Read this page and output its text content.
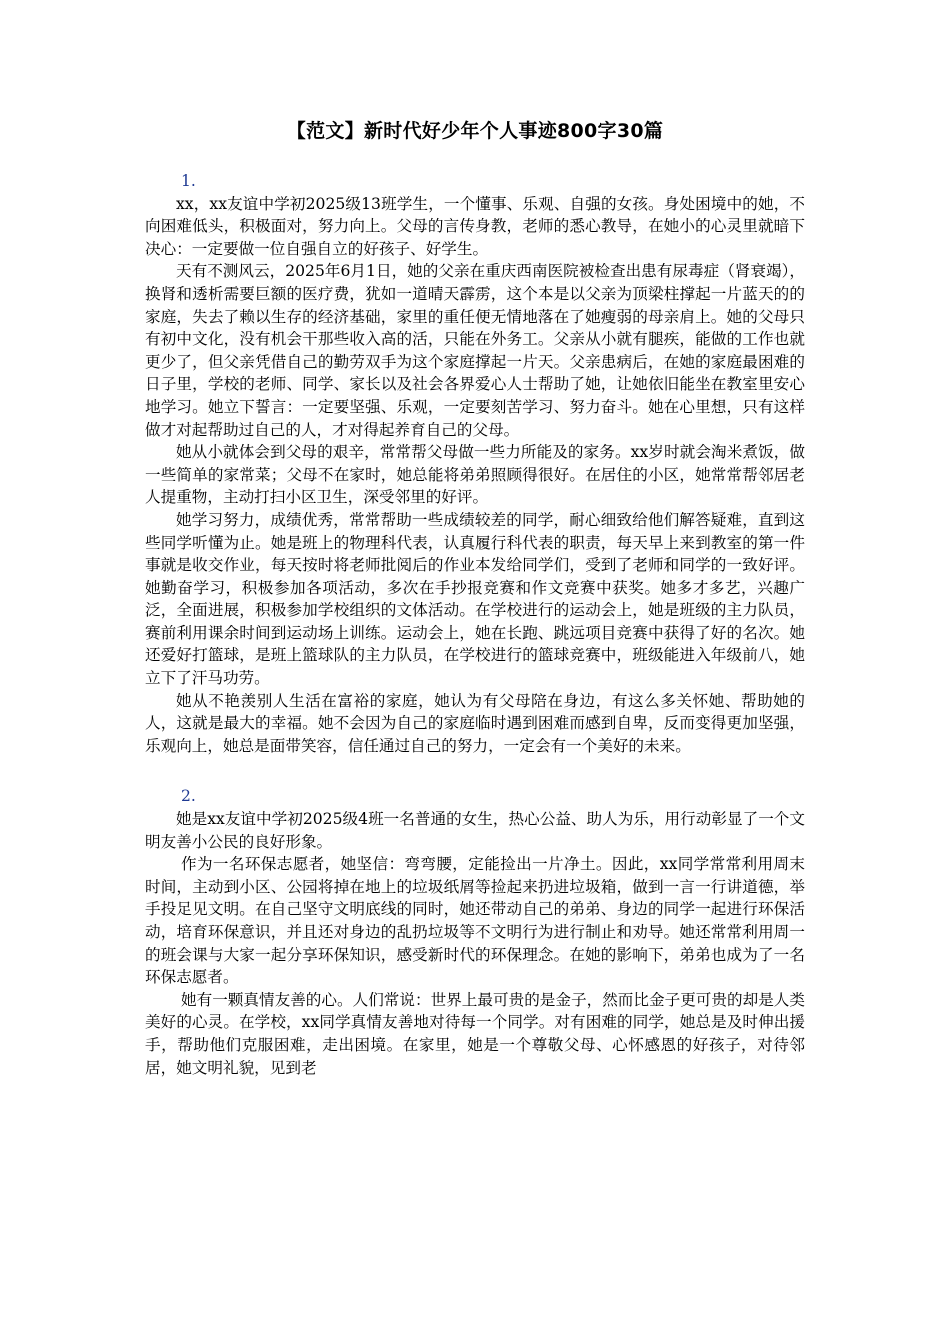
【范文】新时代好少年个人事迹800字30篇

1.

xx，xx友谊中学初2025级13班学生，一个懂事、乐观、自强的女孩。身处困境中的她，不向困难低头，积极面对，努力向上。父母的言传身教，老师的悉心教导，在她小的心灵里就暗下决心：一定要做一位自强自立的好孩子、好学生。

天有不测风云，2025年6月1日，她的父亲在重庆西南医院被检查出患有尿毒症（肾衰竭），换肾和透析需要巨额的医疗费，犹如一道晴天霹雳，这个本是以父亲为顶梁柱撑起一片蓝天的的家庭，失去了赖以生存的经济基础，家里的重任便无情地落在了她瘦弱的母亲肩上。她的父母只有初中文化，没有机会干那些收入高的活，只能在外务工。父亲从小就有腿疾，能做的工作也就更少了，但父亲凭借自己的勤劳双手为这个家庭撑起一片天。父亲患病后，在她的家庭最困难的日子里，学校的老师、同学、家长以及社会各界爱心人士帮助了她，让她依旧能坐在教室里安心地学习。她立下誓言：一定要坚强、乐观，一定要刻苦学习、努力奋斗。她在心里想，只有这样做才对起帮助过自己的人，才对得起养育自己的父母。

她从小就体会到父母的艰辛，常常帮父母做一些力所能及的家务。xx岁时就会淘米煮饭，做一些简单的家常菜；父母不在家时，她总能将弟弟照顾得很好。在居住的小区，她常常帮邻居老人提重物，主动打扫小区卫生，深受邻里的好评。

她学习努力，成绩优秀，常常帮助一些成绩较差的同学，耐心细致给他们解答疑难，直到这些同学听懂为止。她是班上的物理科代表，认真履行科代表的职责，每天早上来到教室的第一件事就是收交作业，每天按时将老师批阅后的作业本发给同学们，受到了老师和同学的一致好评。她勤奋学习，积极参加各项活动，多次在手抄报竞赛和作文竞赛中获奖。她多才多艺，兴趣广泛，全面进展，积极参加学校组织的文体活动。在学校进行的运动会上，她是班级的主力队员，赛前利用课余时间到运动场上训练。运动会上，她在长跑、跳远项目竞赛中获得了好的名次。她还爱好打篮球，是班上篮球队的主力队员，在学校进行的篮球竞赛中，班级能进入年级前八，她立下了汗马功劳。

她从不艳羡别人生活在富裕的家庭，她认为有父母陪在身边，有这么多关怀她、帮助她的人，这就是最大的幸福。她不会因为自己的家庭临时遇到困难而感到自卑，反而变得更加坚强，乐观向上，她总是面带笑容，信任通过自己的努力，一定会有一个美好的未来。

2.

她是xx友谊中学初2025级4班一名普通的女生，热心公益、助人为乐，用行动彰显了一个文明友善小公民的良好形象。

作为一名环保志愿者，她坚信：弯弯腰，定能捡出一片净土。因此，xx同学常常利用周末时间，主动到小区、公园将掉在地上的垃圾纸屑等捡起来扔进垃圾箱，做到一言一行讲道德，举手投足见文明。在自己坚守文明底线的同时，她还带动自己的弟弟、身边的同学一起进行环保活动，培育环保意识，并且还对身边的乱扔垃圾等不文明行为进行制止和劝导。她还常常利用周一的班会课与大家一起分享环保知识，感受新时代的环保理念。在她的影响下，弟弟也成为了一名环保志愿者。

她有一颗真情友善的心。人们常说：世界上最可贵的是金子，然而比金子更可贵的却是人类美好的心灵。在学校，xx同学真情友善地对待每一个同学。对有困难的同学，她总是及时伸出援手，帮助他们克服困难，走出困境。在家里，她是一个尊敬父母、心怀感恩的好孩子，对待邻居，她文明礼貌，见到老
